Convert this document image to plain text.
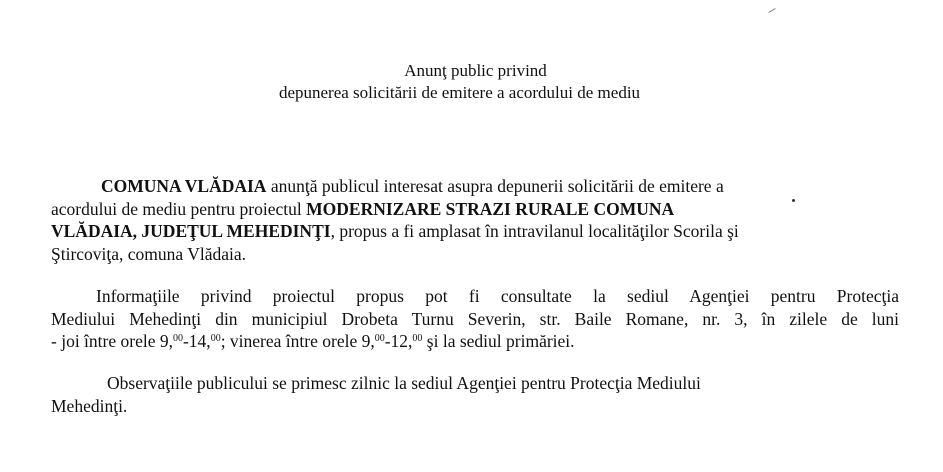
Anunţ public privind
depunerea solicitării de emitere a acordului de mediu
COMUNA VLĂDAIA anunţă publicul interesat asupra depunerii solicitării de emitere a
acordului de mediu pentru proiectul MODERNIZARE STRAZI RURALE COMUNA
VLĂDAIA, JUDEŢUL MEHEDINŢI, propus a fi amplasat în intravilanul localităţilor Scorila şi
Ştircoviţa, comuna Vlădaia.
Informaţiile privind proiectul propus pot fi consultate la sediul Agenţiei pentru Protecţia
Mediului Mehedinţi din municipiul Drobeta Turnu Severin, str. Baile Romane, nr. 3, în zilele de luni
- joi între orele 9,00-14,00; vinerea între orele 9,00-12,00 şi la sediul primăriei.
Observaţiile publicului se primesc zilnic la sediul Agenţiei pentru Protecţia Mediului
Mehedinţi.
